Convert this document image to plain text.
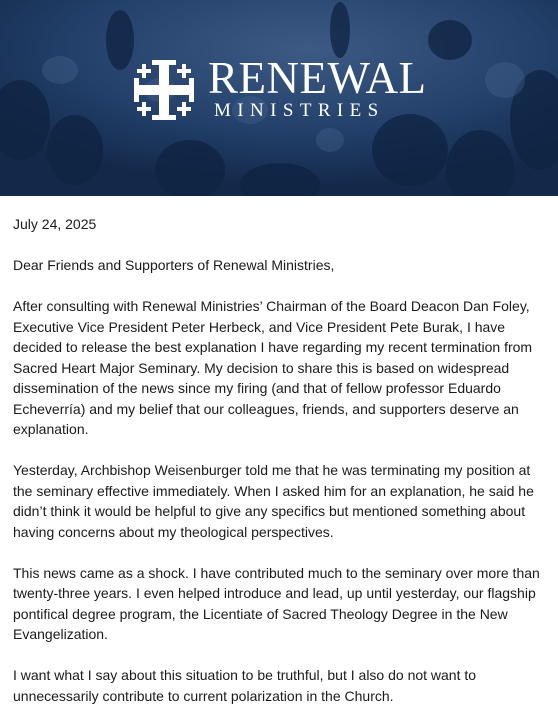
RENEWAL
MINISTRIES

July 24, 2025

Dear Friends and Supporters of Renewal Ministries,

After consulting with Renewal Ministries’ Chairman of the Board Deacon Dan Foley, Executive Vice President Peter Herbeck, and Vice President Pete Burak, I have decided to release the best explanation I have regarding my recent termination from Sacred Heart Major Seminary. My decision to share this is based on widespread dissemination of the news since my firing (and that of fellow professor Eduardo Echeverría) and my belief that our colleagues, friends, and supporters deserve an explanation.

Yesterday, Archbishop Weisenburger told me that he was terminating my position at the seminary effective immediately. When I asked him for an explanation, he said he didn’t think it would be helpful to give any specifics but mentioned something about having concerns about my theological perspectives.

This news came as a shock. I have contributed much to the seminary over more than twenty-three years. I even helped introduce and lead, up until yesterday, our flagship pontifical degree program, the Licentiate of Sacred Theology Degree in the New Evangelization.

I want what I say about this situation to be truthful, but I also do not want to unnecessarily contribute to current polarization in the Church.
